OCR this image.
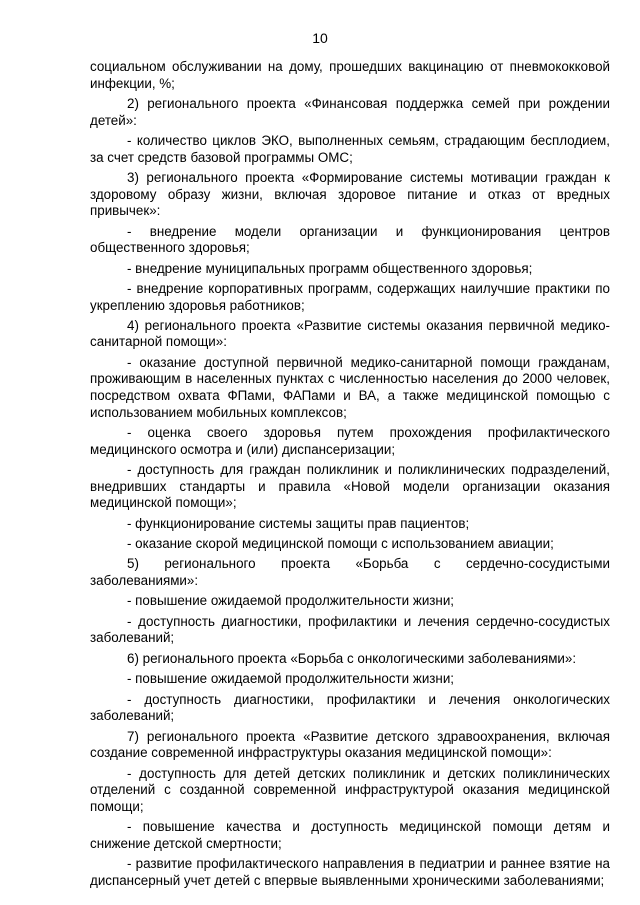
10

социальном обслуживании на дому, прошедших вакцинацию от пневмококковой инфекции, %;

2) регионального проекта «Финансовая поддержка семей при рождении детей»:

- количество циклов ЭКО, выполненных семьям, страдающим бесплодием, за счет средств базовой программы ОМС;

3) регионального проекта «Формирование системы мотивации граждан к здоровому образу жизни, включая здоровое питание и отказ от вредных привычек»:

- внедрение модели организации и функционирования центров общественного здоровья;

- внедрение муниципальных программ общественного здоровья;

- внедрение корпоративных программ, содержащих наилучшие практики по укреплению здоровья работников;

4) регионального проекта «Развитие системы оказания первичной медико-санитарной помощи»:

- оказание доступной первичной медико-санитарной помощи гражданам, проживающим в населенных пунктах с численностью населения до 2000 человек, посредством охвата ФПами, ФАПами и ВА, а также медицинской помощью с использованием мобильных комплексов;

- оценка своего здоровья путем прохождения профилактического медицинского осмотра и (или) диспансеризации;

- доступность для граждан поликлиник и поликлинических подразделений, внедривших стандарты и правила «Новой модели организации оказания медицинской помощи»;

- функционирование системы защиты прав пациентов;

- оказание скорой медицинской помощи с использованием авиации;

5) регионального проекта «Борьба с сердечно-сосудистыми заболеваниями»:

- повышение ожидаемой продолжительности жизни;

- доступность диагностики, профилактики и лечения сердечно-сосудистых заболеваний;

6) регионального проекта «Борьба с онкологическими заболеваниями»:

- повышение ожидаемой продолжительности жизни;

- доступность диагностики, профилактики и лечения онкологических заболеваний;

7) регионального проекта «Развитие детского здравоохранения, включая создание современной инфраструктуры оказания медицинской помощи»:

- доступность для детей детских поликлиник и детских поликлинических отделений с созданной современной инфраструктурой оказания медицинской помощи;

- повышение качества и доступность медицинской помощи детям и снижение детской смертности;

- развитие профилактического направления в педиатрии и раннее взятие на диспансерный учет детей с впервые выявленными хроническими заболеваниями;
